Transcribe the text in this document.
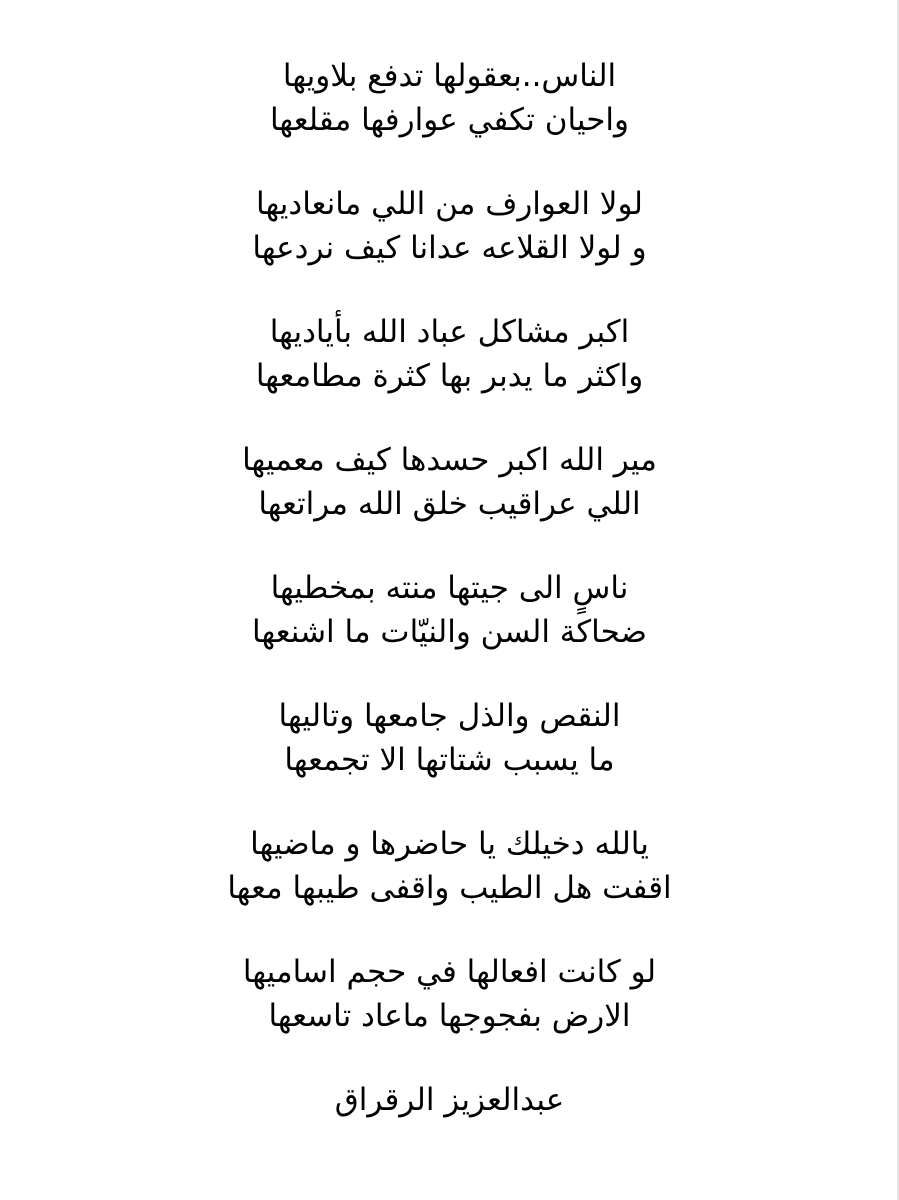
الناس..بعقولها تدفع بلاويها
واحيان تكفي عوارفها مقلعها
لولا العوارف من اللي مانعاديها
و لولا القلاعه عدانا كيف نردعها
اكبر مشاكل عباد الله بأياديها
واكثر ما يدبر بها كثرة مطامعها
مير الله اكبر حسدها كيف معميها
اللي عراقيب خلق الله مراتعها
ناسٍ الى جيتها منته بمخطيها
ضحاكة السن والنيّات ما اشنعها
النقص والذل جامعها وتاليها
ما يسبب شتاتها الا تجمعها
يالله دخيلك يا حاضرها و ماضيها
اقفت هل الطيب واقفى طيبها معها
لو كانت افعالها في حجم اساميها
الارض بفجوجها ماعاد تاسعها
عبدالعزيز الرقراق
